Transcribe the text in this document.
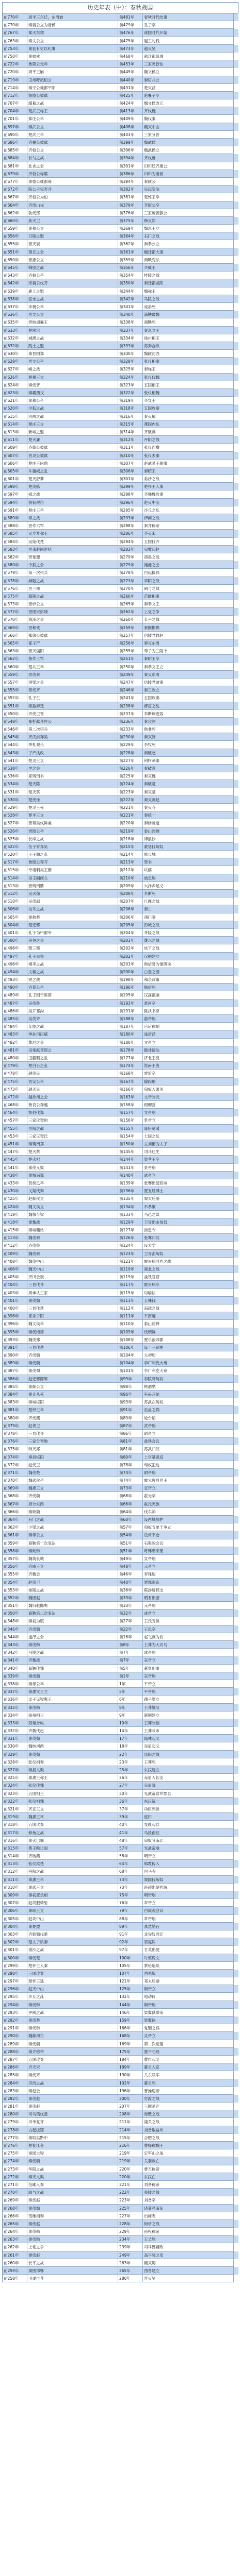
历史年表（中）：春秋战国
前770年	周平王东迁，东周始	前481年	春秋时代结束
前770年	秦襄公立为诸侯	前479年	孔子卒
前767年	郑灭东虢	前476年	战国时代开始
前763年	秦文公立	前475年	越王勾践
前753年	秦初有史以纪事	前473年	越灭吴
前750年	秦败戎	前468年	越迁都琅琊
前722年	鲁隐公元年	前453年	三家灭智伯
前720年	周平王崩	前445年	魏文侯立
前719年	卫州吁弑桓公	前440年	秦厉共公
前714年	秦宁公徙都平阳	前431年	楚灭莒
前712年	鲁隐公被弑	前425年	赵襄子卒
前707年	繻葛之战	前424年	魏文侯改元
前704年	楚武王称王	前413年	齐伐魏
前701年	郑庄公卒	前409年	魏伐秦
前697年	秦武公立	前408年	魏灭中山
前690年	楚武王卒	前403年	三家分晋
前686年	齐襄公被弑	前399年	魏武侯
前685年	齐桓公立	前396年	魏武侯立
前684年	长勺之战	前394年	齐伐鲁
前681年	北杏之会	前391年	田和迁齐康公
前679年	齐桓公称霸	前386年	田和为诸侯
前677年	秦德公徙都雍	前384年	秦献公
前672年	陈公子完奔齐	前382年	吴起变法
前667年	齐桓公为伯	前381年	楚悼王卒
前664年	齐伐山戎	前379年	齐康公卒
前662年	狄伐邢	前376年	三家废晋静公
前660年	狄灭卫	前375年	韩灭郑
前659年	秦穆公立	前369年	魏惠王立
前656年	召陵之盟	前364年	石门之战
前655年	晋灭虢	前362年	秦孝公立
前651年	葵丘之会	前361年	魏迁都大梁
前650年	晋惠公立	前359年	商鞅变法
前645年	韩原之战	前356年	齐威王
前643年	齐桓公卒	前354年	桂陵之战
前642年	宋襄公伐齐	前350年	秦迁都咸阳
前639年	鹿上之盟	前344年	魏称王
前638年	泓水之战	前342年	马陵之战
前637年	宋襄公卒	前341年	庞涓死
前636年	晋文公立	前340年	商鞅破魏
前635年	晋纳周襄王	前338年	商鞅死
前633年	楚围宋	前337年	秦惠文王
前632年	城濮之战	前334年	徐州相王
前632年	践土之盟	前333年	苏秦合纵
前630年	秦晋围郑	前330年	魏献河西
前628年	晋文公卒	前328年	张仪相秦
前627年	崤之战	前325年	秦称王
前626年	楚穆王立	前324年	张仪伐魏
前624年	秦伐晋	前323年	五国相王
前623年	秦霸西戎	前322年	张仪相魏
前621年	秦穆公卒	前319年	齐宣王
前620年	令狐之战	前318年	五国攻秦
前615年	河曲之战	前316年	秦灭蜀
前614年	楚庄王立	前315年	燕国内乱
前613年	新城之盟	前314年	齐破燕
前611年	楚灭庸	前312年	丹阳之战
前609年	齐懿公被弑	前311年	张仪连横
前607年	晋灵公被弑	前310年	张仪去秦
前606年	楚庄王问鼎	前307年	赵武灵王胡服
前605年	斗越椒之乱	前306年	秦昭王
前601年	楚灭舒蓼	前301年	垂沙之战
前598年	楚伐陈	前299年	楚怀王入秦
前597年	邲之战	前298年	齐韩魏攻秦
前594年	鲁初税亩	前296年	赵灭中山
前591年	楚庄王卒	前295年	沙丘之乱
前589年	鞌之战	前293年	伊阙之战
前588年	晋作六军	前288年	秦齐称帝
前585年	吴寿梦称王	前286年	齐灭宋
前584年	吴始伐楚	前284年	五国伐齐
前583年	晋杀赵同赵括	前283年	完璧归赵
前582年	晋楚盟	前279年	即墨之战
前580年	令狐之会	前279年	渑池之会
前579年	第一次弭兵	前278年	白起拔郢
前578年	麻隧之战	前273年	华阳之战
前576年	晋三郤	前270年	阏与之战
前575年	鄢陵之战	前266年	范雎相秦
前573年	晋悼公立	前265年	秦孝文王
前572年	晋围宋彭城	前262年	上党之争
前570年	鸡泽之会	前260年	长平之战
前569年	晋和戎	前259年	秦围邯郸
前566年	郑僖公被弑	前257年	信陵君救赵
前565年	郑子产	前256年	秦灭东周
前563年	晋灭偪阳	前255年	荀子为兰陵令
前562年	鲁作三军	前251年	秦昭王卒
前560年	楚共王卒	前250年	秦孝文王立
前559年	晋伐秦	前249年	秦灭东周
前557年	湨梁之会	前247年	信陵君破秦
前555年	晋伐齐	前246年	秦王政立
前552年	孔子生	前241年	五国攻秦
前551年	栾盈奔楚	前238年	嫪毐之乱
前550年	齐伐卫晋	前237年	李斯谏逐客
前548年	崔杼弑齐庄公	前236年	秦攻赵
前546年	第二次弭兵	前233年	韩非死
前545年	齐庆封奔吴	前230年	秦灭韩
前544年	季札观乐	前229年	李牧死
前543年	子产执政	前228年	秦破赵
前541年	楚灵王立	前227年	荆轲刺秦
前538年	申之会	前226年	秦破燕
前536年	郑铸刑书	前225年	秦灭魏
前534年	楚灭陈	前224年	秦破楚
前531年	楚灭蔡	前223年	秦灭楚
前530年	楚伐徐	前222年	秦灭燕赵
前529年	楚灵王死	前221年	秦灭齐
前528年	楚平王立	前221年	秦统一
前527年	晋荀吴伐鲜虞	前220年	秦修驰道
前526年	晋昭公卒	前219年	泰山封禅
前525年	长岸之战	前218年	博浪沙
前522年	伍子胥奔吴	前215年	蒙恬伐匈奴
前520年	王子朝之乱	前214年	修长城
前517年	鲁昭公奔齐	前213年	焚书
前515年	专诸刺吴王僚	前212年	坑儒
前514年	吴王阖闾立	前210年	始皇崩
前513年	晋铸刑鼎	前209年	大泽乡起义
前512年	吴灭徐	前208年	李斯死
前510年	吴伐越	前207年	巨鹿之战
前506年	柏举之战	前206年	秦亡
前505年	秦救楚	前206年	鸿门宴
前504年	楚迁都	前205年	彭城之战
前501年	孔子为中都宰	前204年	井陉之战
前500年	夹谷之会	前203年	潍水之战
前498年	堕三都	前202年	垓下之战
前497年	孔子去鲁	前202年	汉朝建立
前496年	槜李之战	前201年	韩信降为淮阴侯
前494年	夫椒之战	前200年	白登之围
前493年	铁之战	前198年	和亲政策
前490年	齐景公卒	前196年	韩信死
前489年	孔子困于陈蔡	前195年	汉高祖崩
前487年	吴伐鲁	前193年	萧何卒
前486年	吴开邗沟	前191年	除挟书律
前485年	吴伐齐	前188年	惠帝崩
前484年	艾陵之战	前187年	吕后称制
前483年	季孙用田赋	前180年	诛诸吕
前482年	黄池之会	前180年	文帝立
前481年	田常弑齐简公	前178年	除诽谤法
前480年	卫蒯聩之乱	前177年	济北王反
前479年	楚白公之乱	前174年	淮南王废
前478年	越伐吴	前168年	贾谊卒
前475年	晋定公卒	前167年	除肉刑
前473年	越灭吴	前166年	匈奴入萧关
前472年	越徐州之会	前163年	文帝改元
前468年	鲁哀公奔越	前158年	细柳营
前464年	智伯伐郑	前157年	文帝崩
前457年	三家攻智伯	前156年	景帝立
前455年	晋阳之战	前155年	晁错削藩
前453年	三家灭智氏	前154年	七国之乱
前451年	秦筑南郑	前150年	立刘彻为太子
前447年	楚灭蔡	前145年	司马迁生
前445年	楚灭杞	前144年	梁孝王卒
前441年	秦伐义渠	前141年	景帝崩
前438年	秦城南郑	前140年	武帝立
前433年	曾侯乙卒	前139年	张骞出使西域
前430年	义渠伐秦	前136年	置五经博士
前425年	赵献侯立	前135年	窦太后崩
前424年	魏文侯立	前134年	举孝廉
前419年	魏城少梁	前133年	马邑之谋
前418年	秦魏战	前129年	卫青出击匈奴
前415年	秦城籍姑	前127年	推恩令
前413年	魏伐秦	前126年	张骞归汉
前412年	齐伐鲁	前124年	设太学
前409年	魏伐秦	前123年	卫青击匈奴
前408年	魏伐中山	前121年	霍去病河西之战
前406年	魏灭中山	前119年	漠北之战
前405年	齐田会叛	前119年	盐铁官营
前404年	三晋伐齐	前117年	霍去病卒
前403年	周承认三家	前115年	均输法
前401年	秦伐魏	前113年	五铢钱
前400年	三晋伐楚	前112年	南越之战
前398年	郑杀子阳	前111年	平南越
前396年	魏文侯卒	前110年	泰山封禅
前395年	秦伐绵诸	前109年	伐朝鲜
前393年	魏伐郑	前108年	置乐浪四郡
前391年	三晋伐楚	前106年	设十三刺史
前390年	齐伐魏	前104年	太初历
前389年	秦伐魏	前104年	李广利伐大宛
前387年	秦伐蜀	前101年	李广利克大宛
前386年	赵迁都邯郸	前99年	李陵降匈奴
前385年	秦献公立	前98年	榷酒酤
前384年	秦止从死	前96年	巫蛊开始
前383年	秦城栎阳	前93年	苏武在匈奴
前381年	楚悼王卒	前91年	巫蛊之祸
前380年	齐伐燕	前89年	轮台诏
前379年	赵袭卫	前87年	武帝崩
前378年	三晋伐齐	前86年	昭帝立
前376年	三家分晋地	前81年	盐铁会议
前375年	韩灭郑	前81年	苏武归汉
前374年	秦县栎阳	前80年	上官桀谋反
前372年	赵伐卫	前78年	匈奴犯边
前371年	魏伐楚	前74年	昭帝崩
前370年	魏武侯卒	前74年	霍光废昌邑王
前369年	魏惠王立	前73年	宣帝立
前368年	齐伐魏	前68年	霍光卒
前367年	周分东西	前66年	霍氏灭族
前366年	秦败魏	前64年	伐车师
前364年	石门之战	前60年	设西域都护
前362年	少梁之战	前57年	匈奴五单于争立
前361年	秦孝公立	前54年	设常平仓
前359年	商鞅第一次变法	前51年	石渠阁会议
前358年	秦败韩	前51年	呼韩邪来朝
前357年	魏筑长城	前49年	宣帝崩
前356年	齐威王立	前48年	元帝立
前355年	齐魏会	前46年	弃珠崖
前354年	赵伐卫	前40年	罢郡国庙
前353年	桂陵之战	前36年	陈汤斩郅支
前352年	魏围赵	前33年	昭君出塞
前351年	魏归赵邯郸	前33年	元帝崩
前350年	商鞅第二次变法	前32年	成帝立
前348年	秦初为赋	前27年	王氏五侯
前346年	齐伐魏	前22年	王凤卒
前344年	逢泽之会	前16年	赵飞燕为后
前343年	秦伐韩	前8年	王莽为大司马
前342年	马陵之战	前7年	成帝崩
前341年	齐魏战	前7年	哀帝立
前340年	商鞅伐魏	前5年	董贤用事
前339年	秦伐魏	前1年	哀帝崩
前338年	秦孝公卒	1年	平帝立
前337年	秦惠文王立	5年	平帝崩
前336年	孟子见梁惠王	6年	孺子婴立
前335年	秦伐韩	8年	王莽篡汉
前334年	徐州相王	9年	新朝建立
前333年	苏秦合纵	10年	王莽改制
前332年	齐魏伐赵	14年	王莽改币
前331年	秦伐魏	17年	绿林起义
前330年	魏纳河西	18年	赤眉起义
前329年	秦伐魏	22年	昆阳之战
前328年	张仪相秦	23年	王莽死
前327年	秦县义渠	25年	东汉建立
前325年	秦惠王称王	26年	赤眉入长安
前324年	张仪伐魏	27年	赤眉降
前323年	五国相王	30年	光武帝省并郡县
前322年	张仪相魏	36年	东汉统一
前321年	齐宣王立	37年	功臣列侯
前319年	魏惠王卒	39年	度田
前318年	五国攻秦	40年	交趾起兵
前317年	修鱼之战	41年	马援南征
前316年	秦灭巴蜀	48年	匈奴分南北
前315年	燕王哙让国	57年	光武帝崩
前314年	齐破燕	58年	明帝立
前313年	张仪欺楚	64年	佛教传入
前312年	丹阳之战	68年	白马寺
前311年	秦惠王卒	73年	窦固伐匈奴
前310年	秦武王立	73年	班超出使西域
前309年	秦初置丞相	75年	明帝崩
前307年	赵胡服骑射	76年	章帝立
前306年	秦昭王立	79年	白虎观会议
前305年	赵攻中山	88年	章帝崩
前304年	秦楚盟	89年	燕然勒石
前303年	齐韩魏伐楚	91年	北匈奴西迁
前302年	楚太子质秦	92年	窦宪诛
前301年	垂沙之战	97年	甘英出使
前300年	秦伐楚	100年	许慎说文
前299年	楚怀王入秦	105年	蔡伦造纸
前298年	三国攻秦	107年	西羌叛
前297年	楚怀王逃	121年	邓太后崩
前296年	赵灭中山	125年	顺帝立
前295年	沙丘之乱	132年	地动仪
前294年	秦伐韩	144年	顺帝崩
前293年	伊阙之战	146年	梁冀弑质帝
前292年	秦伐楚	159年	梁冀诛
前291年	秦伐韩	166年	党锢之祸
前290年	魏献河东	168年	灵帝立
前289年	秦伐魏	169年	第二次党锢
前288年	秦齐称帝	175年	熹平石经
前287年	五国攻秦	184年	黄巾起义
前286年	齐灭宋	189年	董卓入京
前285年	秦伐齐	190年	关东联军
前284年	济西之战	192年	董卓死
前283年	秦赵会	196年	曹操迎帝
前282年	秦伐赵	200年	官渡之战
前281年	秦伐赵	207年	三顾茅庐
前280年	司马错伐楚	208年	赤壁之战
前279年	田单复齐	211年	潼关之战
前278年	白起拔郢	214年	刘备取益州
前277年	秦取巫黔中	215年	合肥之战
前276年	楚复江旁	216年	曹操称魏王
前275年	秦围大梁	219年	定军山之战
前274年	秦伐魏	219年	关羽败亡
前273年	华阳之战	220年	曹丕称帝
前272年	秦灭义渠	220年	东汉亡
前271年	范雎入秦	221年	刘备称帝
前270年	阏与之战	222年	夷陵之战
前269年	秦伐赵	223年	刘备卒
前268年	秦伐魏	225年	诸葛亮南征
前266年	范雎相秦	227年	出师表
前265年	秦伐赵	228年	街亭之战
前264年	秦伐韩	229年	孙权称帝
前263年	秦伐韩	234年	五丈原
前262年	上党之争	239年	司马懿辅政
前261年	秦伐赵	249年	高平陵之变
前260年	长平之战	263年	魏灭蜀
前259年	秦围邯郸	265年	西晋建立
前258年	毛遂自荐	280年	晋灭吴
